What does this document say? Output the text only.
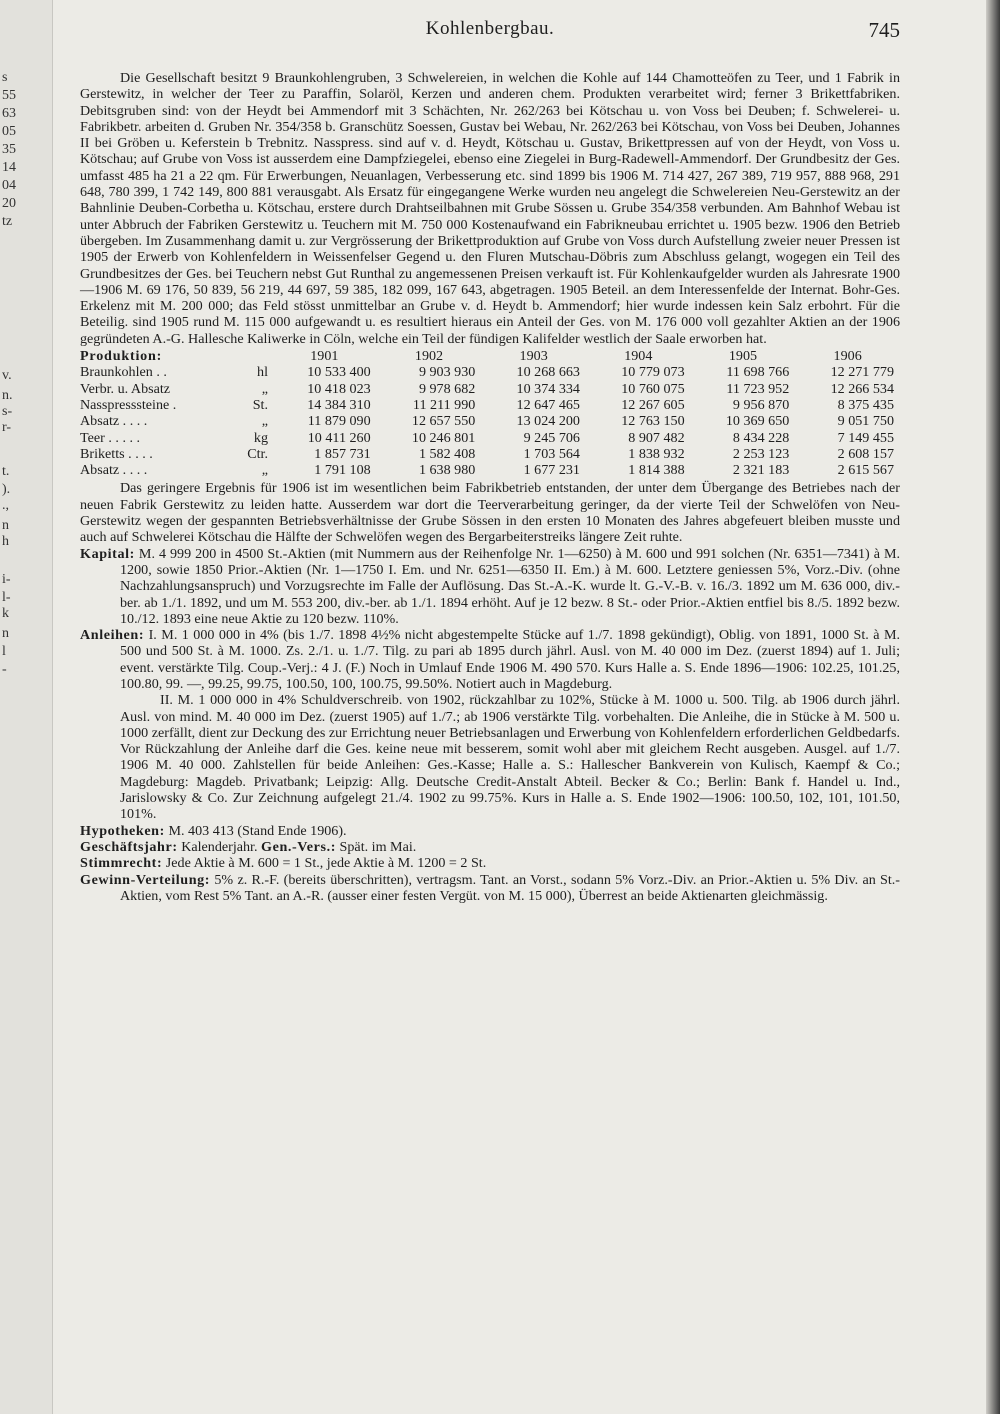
s
55
63
05
35
14
04
20
tz
v.
n.
s-
r-
t.
).
.,
n
h
i-
l-
k
n
l
-
Kohlenbergbau.	745

Die Gesellschaft besitzt 9 Braunkohlengruben, 3 Schwelereien, in welchen die Kohle auf 144 Chamotteöfen zu Teer, und 1 Fabrik in Gerstewitz, in welcher der Teer zu Paraffin, Solaröl, Kerzen und anderen chem. Produkten verarbeitet wird; ferner 3 Brikettfabriken. Debitsgruben sind: von der Heydt bei Ammendorf mit 3 Schächten, Nr. 262/263 bei Kötschau u. von Voss bei Deuben; f. Schwelerei- u. Fabrikbetr. arbeiten d. Gruben Nr. 354/358 b. Granschütz Soessen, Gustav bei Webau, Nr. 262/263 bei Kötschau, von Voss bei Deuben, Johannes II bei Gröben u. Keferstein b Trebnitz. Nasspress. sind auf v. d. Heydt, Kötschau u. Gustav, Brikettpressen auf von der Heydt, von Voss u. Kötschau; auf Grube von Voss ist ausserdem eine Dampfziegelei, ebenso eine Ziegelei in Burg-Radewell-Ammendorf. Der Grundbesitz der Ges. umfasst 485 ha 21 a 22 qm. Für Erwerbungen, Neuanlagen, Verbesserung etc. sind 1899 bis 1906 M. 714 427, 267 389, 719 957, 888 968, 291 648, 780 399, 1 742 149, 800 881 verausgabt. Als Ersatz für eingegangene Werke wurden neu angelegt die Schwelereien Neu-Gerstewitz an der Bahnlinie Deuben-Corbetha u. Kötschau, erstere durch Drahtseilbahnen mit Grube Sössen u. Grube 354/358 verbunden. Am Bahnhof Webau ist unter Abbruch der Fabriken Gerstewitz u. Teuchern mit M. 750 000 Kostenaufwand ein Fabrikneubau errichtet u. 1905 bezw. 1906 den Betrieb übergeben. Im Zusammenhang damit u. zur Vergrösserung der Brikettproduktion auf Grube von Voss durch Aufstellung zweier neuer Pressen ist 1905 der Erwerb von Kohlenfeldern in Weissenfelser Gegend u. den Fluren Mutschau-Döbris zum Abschluss gelangt, wogegen ein Teil des Grundbesitzes der Ges. bei Teuchern nebst Gut Runthal zu angemessenen Preisen verkauft ist. Für Kohlenkaufgelder wurden als Jahresrate 1900—1906 M. 69 176, 50 839, 56 219, 44 697, 59 385, 182 099, 167 643, abgetragen. 1905 Beteil. an dem Interessenfelde der Internat. Bohr-Ges. Erkelenz mit M. 200 000; das Feld stösst unmittelbar an Grube v. d. Heydt b. Ammendorf; hier wurde indessen kein Salz erbohrt. Für die Beteilig. sind 1905 rund M. 115 000 aufgewandt u. es resultiert hieraus ein Anteil der Ges. von M. 176 000 voll gezahlter Aktien an der 1906 gegründeten A.-G. Hallesche Kaliwerke in Cöln, welche ein Teil der fündigen Kalifelder westlich der Saale erworben hat.

Produktion:		1901	1902	1903	1904	1905	1906
Braunkohlen . .	hl	10 533 400	9 903 930	10 268 663	10 779 073	11 698 766	12 271 779
Verbr. u. Absatz	„	10 418 023	9 978 682	10 374 334	10 760 075	11 723 952	12 266 534
Nasspresssteine .	St.	14 384 310	11 211 990	12 647 465	12 267 605	9 956 870	8 375 435
Absatz . . . .	„	11 879 090	12 657 550	13 024 200	12 763 150	10 369 650	9 051 750
Teer . . . . .	kg	10 411 260	10 246 801	9 245 706	8 907 482	8 434 228	7 149 455
Briketts . . . .	Ctr.	1 857 731	1 582 408	1 703 564	1 838 932	2 253 123	2 608 157
Absatz . . . .	„	1 791 108	1 638 980	1 677 231	1 814 388	2 321 183	2 615 567

Das geringere Ergebnis für 1906 ist im wesentlichen beim Fabrikbetrieb entstanden, der unter dem Übergange des Betriebes nach der neuen Fabrik Gerstewitz zu leiden hatte. Ausserdem war dort die Teerverarbeitung geringer, da der vierte Teil der Schwelöfen von Neu-Gerstewitz wegen der gespannten Betriebsverhältnisse der Grube Sössen in den ersten 10 Monaten des Jahres abgefeuert bleiben musste und auch auf Schwelerei Kötschau die Hälfte der Schwelöfen wegen des Bergarbeiterstreiks längere Zeit ruhte.

Kapital: M. 4 999 200 in 4500 St.-Aktien (mit Nummern aus der Reihenfolge Nr. 1—6250) à M. 600 und 991 solchen (Nr. 6351—7341) à M. 1200, sowie 1850 Prior.-Aktien (Nr. 1—1750 I. Em. und Nr. 6251—6350 II. Em.) à M. 600. Letztere geniessen 5%, Vorz.-Div. (ohne Nachzahlungsanspruch) und Vorzugsrechte im Falle der Auflösung. Das St.-A.-K. wurde lt. G.-V.-B. v. 16./3. 1892 um M. 636 000, div.-ber. ab 1./1. 1892, und um M. 553 200, div.-ber. ab 1./1. 1894 erhöht. Auf je 12 bezw. 8 St.- oder Prior.-Aktien entfiel bis 8./5. 1892 bezw. 10./12. 1893 eine neue Aktie zu 120 bezw. 110%.

Anleihen: I. M. 1 000 000 in 4% (bis 1./7. 1898 4½% nicht abgestempelte Stücke auf 1./7. 1898 gekündigt), Oblig. von 1891, 1000 St. à M. 500 und 500 St. à M. 1000. Zs. 2./1. u. 1./7. Tilg. zu pari ab 1895 durch jährl. Ausl. von M. 40 000 im Dez. (zuerst 1894) auf 1. Juli; event. verstärkte Tilg. Coup.-Verj.: 4 J. (F.) Noch in Umlauf Ende 1906 M. 490 570. Kurs Halle a. S. Ende 1896—1906: 102.25, 101.25, 100.80, 99. —, 99.25, 99.75, 100.50, 100, 100.75, 99.50%. Notiert auch in Magdeburg.

II. M. 1 000 000 in 4% Schuldverschreib. von 1902, rückzahlbar zu 102%, Stücke à M. 1000 u. 500. Tilg. ab 1906 durch jährl. Ausl. von mind. M. 40 000 im Dez. (zuerst 1905) auf 1./7.; ab 1906 verstärkte Tilg. vorbehalten. Die Anleihe, die in Stücke à M. 500 u. 1000 zerfällt, dient zur Deckung des zur Errichtung neuer Betriebsanlagen und Erwerbung von Kohlenfeldern erforderlichen Geldbedarfs. Vor Rückzahlung der Anleihe darf die Ges. keine neue mit besserem, somit wohl aber mit gleichem Recht ausgeben. Ausgel. auf 1./7. 1906 M. 40 000. Zahlstellen für beide Anleihen: Ges.-Kasse; Halle a. S.: Hallescher Bankverein von Kulisch, Kaempf & Co.; Magdeburg: Magdeb. Privatbank; Leipzig: Allg. Deutsche Credit-Anstalt Abteil. Becker & Co.; Berlin: Bank f. Handel u. Ind., Jarislowsky & Co. Zur Zeichnung aufgelegt 21./4. 1902 zu 99.75%. Kurs in Halle a. S. Ende 1902—1906: 100.50, 102, 101, 101.50, 101%.

Hypotheken: M. 403 413 (Stand Ende 1906).

Geschäftsjahr: Kalenderjahr. Gen.-Vers.: Spät. im Mai.

Stimmrecht: Jede Aktie à M. 600 = 1 St., jede Aktie à M. 1200 = 2 St.

Gewinn-Verteilung: 5% z. R.-F. (bereits überschritten), vertragsm. Tant. an Vorst., sodann 5% Vorz.-Div. an Prior.-Aktien u. 5% Div. an St.-Aktien, vom Rest 5% Tant. an A.-R. (ausser einer festen Vergüt. von M. 15 000), Überrest an beide Aktienarten gleichmässig.
